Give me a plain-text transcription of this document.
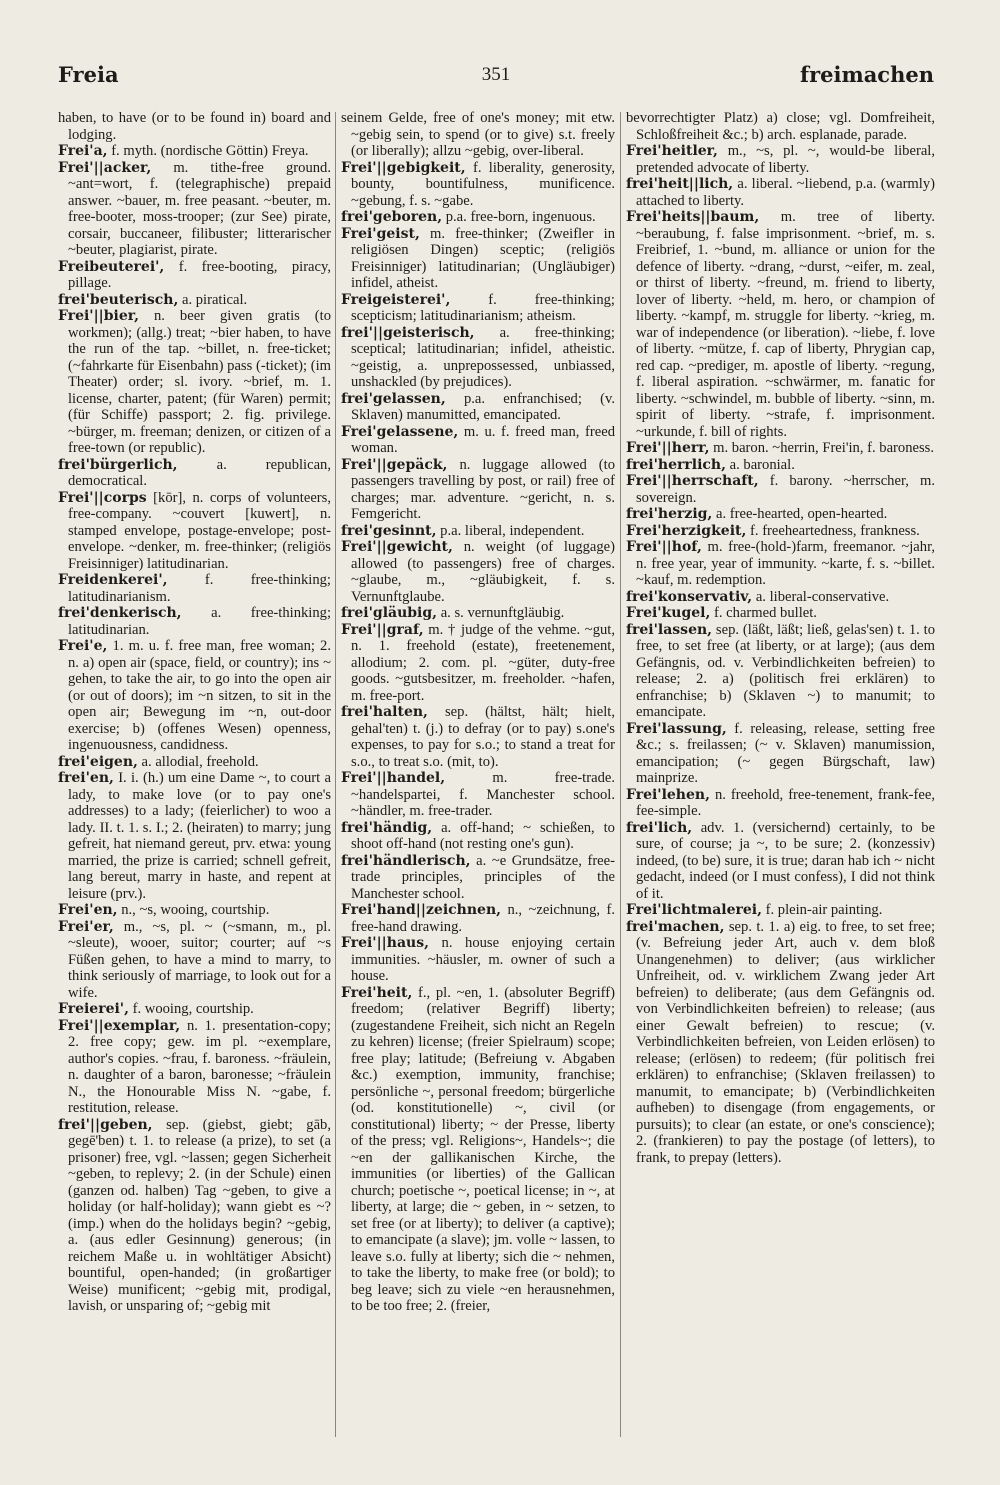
Freia	351	freimachen

haben, to have (or to be found in) board and lodging.

Frei'a, f. myth. (nordische Göttin) Freya.

Frei'||acker, m. tithe-free ground. ~ant=wort, f. (telegraphische) prepaid answer. ~bauer, m. free peasant. ~beuter, m. free-booter, moss-trooper; (zur See) pirate, corsair, buccaneer, filibuster; litterarischer ~beuter, plagiarist, pirate.

Freibeuterei', f. free-booting, piracy, pillage.

frei'beuterisch, a. piratical.

Frei'||bier, n. beer given gratis (to workmen); (allg.) treat; ~bier haben, to have the run of the tap. ~billet, n. free-ticket; (~fahrkarte für Eisenbahn) pass (-ticket); (im Theater) order; sl. ivory. ~brief, m. 1. license, charter, patent; (für Waren) permit; (für Schiffe) passport; 2. fig. privilege. ~bürger, m. freeman; denizen, or citizen of a free-town (or republic).

frei'bürgerlich,	a. republican, democratical.

Frei'||corps [kōr], n. corps of volunteers, free-company. ~couvert [kuwert], n. stamped envelope, postage-envelope; post-envelope. ~denker, m. free-thinker; (religiös Freisinniger) latitudinarian.

Freidenkerei',	f. free-thinking; latitudinarianism.

frei'denkerisch, a. free-thinking; latitudinarian.

Frei'e, 1. m. u. f. free man, free woman; 2. n. a) open air (space, field, or country); ins ~ gehen, to take the air, to go into the open air (or out of doors); im ~n sitzen, to sit in the open air; Bewegung im ~n, out-door exercise; b) (offenes Wesen) openness, ingenuousness, candidness.

frei'eigen, a. allodial, freehold.

frei'en, I. i. (h.) um eine Dame ~, to court a lady, to make love (or to pay one's addresses) to a lady; (feierlicher) to woo a lady. II. t. 1. s. I.; 2. (heiraten) to marry; jung gefreit, hat niemand gereut, prv. etwa: young married, the prize is carried; schnell gefreit, lang bereut, marry in haste, and repent at leisure (prv.).

Frei'en, n., ~s, wooing, courtship.

Frei'er, m., ~s, pl. ~ (~smann, m., pl. ~sleute), wooer, suitor; courter; auf ~s Füßen gehen, to have a mind to marry, to think seriously of marriage, to look out for a wife.

Freierei', f. wooing, courtship.

Frei'||exemplar, n. 1. presentation-copy; 2. free copy; gew. im pl. ~exemplare, author's copies. ~frau, f. baroness. ~fräulein, n. daughter of a baron, baronesse; ~fräulein N., the Honourable Miss N. ~gabe, f. restitution, release.

frei'||geben, sep. (giebst, giebt; gāb, gegē'ben) t. 1. to release (a prize), to set (a prisoner) free, vgl. ~lassen; gegen Sicherheit ~geben, to replevy; 2. (in der Schule) einen (ganzen od. halben) Tag ~geben, to give a holiday (or half-holiday); wann giebt es ~? (imp.) when do the holidays begin? ~gebig, a. (aus edler Gesinnung) generous; (in reichem Maße u. in wohltätiger Absicht) bountiful, open-handed; (in großartiger Weise) munificent; ~gebig mit, prodigal, lavish, or unsparing of; ~gebig mit

seinem Gelde, free of one's money; mit etw. ~gebig sein, to spend (or to give) s.t. freely (or liberally); allzu ~gebig, over-liberal.

Frei'||gebigkeit, f. liberality, generosity, bounty, bountifulness, munificence. ~gebung, f. s. ~gabe.

frei'geboren, p.a. free-born, ingenuous.

Frei'geist, m. free-thinker; (Zweifler in religiösen Dingen) sceptic; (religiös Freisinniger) latitudinarian; (Ungläubiger) infidel, atheist.

Freigeisterei',	f. free-thinking; scepticism; latitudinarianism; atheism.

frei'||geisterisch, a. free-thinking; sceptical; latitudinarian; infidel, atheistic. ~geistig, a. unprepossessed, unbiassed, unshackled (by prejudices).

frei'gelassen, p.a. enfranchised; (v. Sklaven) manumitted, emancipated.

Frei'gelassene, m. u. f. freed man, freed woman.

Frei'||gepäck, n. luggage allowed (to passengers travelling by post, or rail) free of charges; mar. adventure. ~gericht, n. s. Femgericht.

frei'gesinnt, p.a. liberal, independent.

Frei'||gewicht, n. weight (of luggage) allowed (to passengers) free of charges. ~glaube, m., ~gläubigkeit, f. s. Vernunftglaube.

frei'gläubig, a. s. vernunftgläubig.

Frei'||graf, m. † judge of the vehme. ~gut, n. 1. freehold (estate), freetenement, allodium; 2. com. pl. ~güter, duty-free goods. ~gutsbesitzer, m. freeholder. ~hafen, m. free-port.

frei'halten, sep. (hältst, hält; hielt, gehal'ten) t. (j.) to defray (or to pay) s.one's expenses, to pay for s.o.; to stand a treat for s.o., to treat s.o. (mit, to).

Frei'||handel,	m. free-trade. ~handelspartei, f. Manchester school. ~händler, m. free-trader.

frei'händig, a. off-hand; ~ schießen, to shoot off-hand (not resting one's gun).

frei'händlerisch, a. ~e Grundsätze, free-trade principles, principles of the Manchester school.

Frei'hand||zeichnen, n., ~zeichnung, f. free-hand drawing.

Frei'||haus, n. house enjoying certain immunities. ~häusler, m. owner of such a house.

Frei'heit, f., pl. ~en, 1. (absoluter Begriff) freedom; (relativer Begriff) liberty; (zugestandene Freiheit, sich nicht an Regeln zu kehren) license; (freier Spielraum) scope; free play; latitude; (Befreiung v. Abgaben &c.) exemption, immunity, franchise; persönliche ~, personal freedom; bürgerliche (od. konstitutionelle) ~, civil (or constitutional) liberty; ~ der Presse, liberty of the press; vgl. Religions~, Handels~; die ~en der gallikanischen Kirche, the immunities (or liberties) of the Gallican church; poetische ~, poetical license; in ~, at liberty, at large; die ~ geben, in ~ setzen, to set free (or at liberty); to deliver (a captive); to emancipate (a slave); jm. volle ~ lassen, to leave s.o. fully at liberty; sich die ~ nehmen, to take the liberty, to make free (or bold); to beg leave; sich zu viele ~en herausnehmen, to be too free; 2. (freier,

bevorrechtigter Platz) a) close; vgl. Domfreiheit, Schloßfreiheit &c.; b) arch. esplanade, parade.

Frei'heitler, m., ~s, pl. ~, would-be liberal, pretended advocate of liberty.

frei'heit||lich, a. liberal. ~liebend, p.a. (warmly) attached to liberty.

Frei'heits||baum, m. tree of liberty. ~beraubung, f. false imprisonment. ~brief, m. s. Freibrief, 1. ~bund, m. alliance or union for the defence of liberty. ~drang, ~durst, ~eifer, m. zeal, or thirst of liberty. ~freund, m. friend to liberty, lover of liberty. ~held, m. hero, or champion of liberty. ~kampf, m. struggle for liberty. ~krieg, m. war of independence (or liberation). ~liebe, f. love of liberty. ~mütze, f. cap of liberty, Phrygian cap, red cap. ~prediger, m. apostle of liberty. ~regung, f. liberal aspiration. ~schwärmer, m. fanatic for liberty. ~schwindel, m. bubble of liberty. ~sinn, m. spirit of liberty. ~strafe, f. imprisonment. ~urkunde, f. bill of rights.

Frei'||herr, m. baron. ~herrin, Frei'in, f. baroness.

frei'herrlich, a. baronial.

Frei'||herrschaft, f. barony. ~herrscher, m. sovereign.

frei'herzig, a. free-hearted, open-hearted.

Frei'herzigkeit, f. freeheartedness, frankness.

Frei'||hof, m. free-(hold-)farm, freemanor. ~jahr, n. free year, year of immunity. ~karte, f. s. ~billet. ~kauf, m. redemption.

frei'konservativ, a. liberal-conservative.

Frei'kugel, f. charmed bullet.

frei'lassen, sep. (läßt, läßt; ließ, gelas'sen) t. 1. to free, to set free (at liberty, or at large); (aus dem Gefängnis, od. v. Verbindlichkeiten befreien) to release; 2. a) (politisch frei erklären) to enfranchise; b) (Sklaven ~) to manumit; to emancipate.

Frei'lassung, f. releasing, release, setting free &c.; s. freilassen; (~ v. Sklaven) manumission, emancipation; (~ gegen Bürgschaft, law) mainprize.

Frei'lehen, n. freehold, free-tenement, frank-fee, fee-simple.

frei'lich, adv. 1. (versichernd) certainly, to be sure, of course; ja ~, to be sure; 2. (konzessiv) indeed, (to be) sure, it is true; daran hab ich ~ nicht gedacht, indeed (or I must confess), I did not think of it.

Frei'lichtmalerei, f. plein-air painting.

frei'machen, sep. t. 1. a) eig. to free, to set free; (v. Befreiung jeder Art, auch v. dem bloß Unangenehmen) to deliver; (aus wirklicher Unfreiheit, od. v. wirklichem Zwang jeder Art befreien) to deliberate; (aus dem Gefängnis od. von Verbindlichkeiten befreien) to release; (aus einer Gewalt befreien) to rescue; (v. Verbindlichkeiten befreien, von Leiden erlösen) to release; (erlösen) to redeem; (für politisch frei erklären) to enfranchise; (Sklaven freilassen) to manumit, to emancipate; b) (Verbindlichkeiten aufheben) to disengage (from engagements, or pursuits); to clear (an estate, or one's conscience); 2. (frankieren) to pay the postage (of letters), to frank, to prepay (letters).
